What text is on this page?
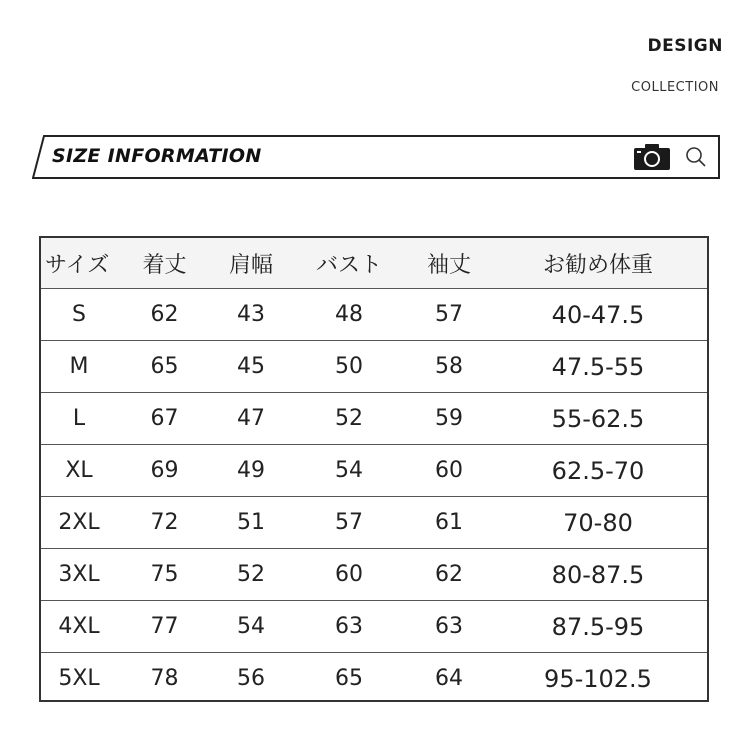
DESIGN
COLLECTION
SIZE INFORMATION
サイズ	着丈	肩幅	バスト	袖丈	お勧め体重
S	62	43	48	57	40-47.5
M	65	45	50	58	47.5-55
L	67	47	52	59	55-62.5
XL	69	49	54	60	62.5-70
2XL	72	51	57	61	70-80
3XL	75	52	60	62	80-87.5
4XL	77	54	63	63	87.5-95
5XL	78	56	65	64	95-102.5
